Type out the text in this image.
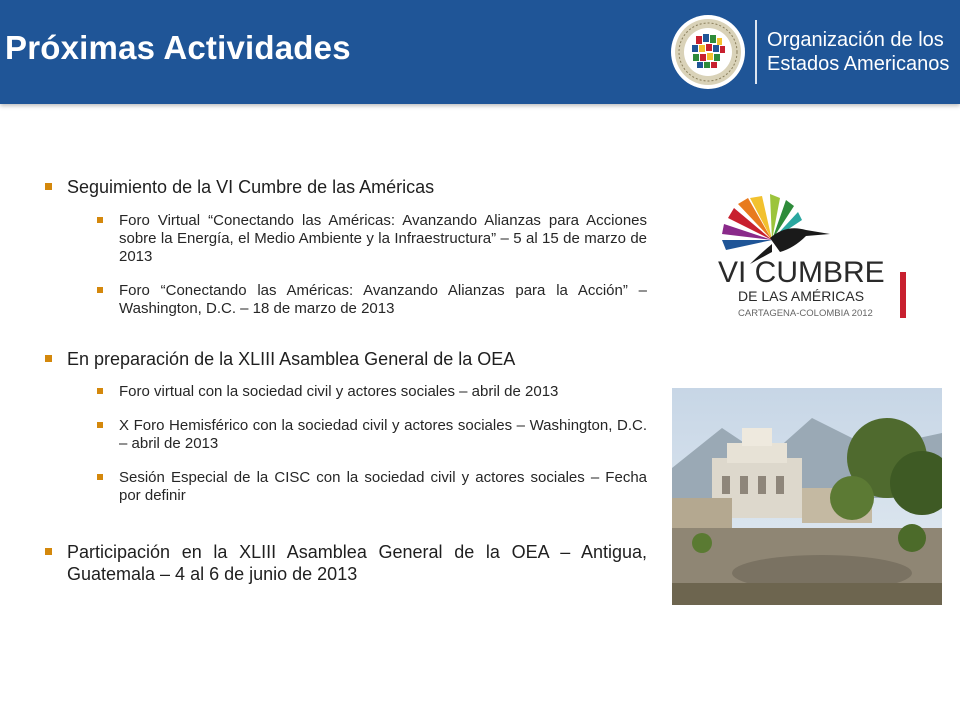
Próximas Actividades	Organización de los
Estados Americanos
Seguimiento de la VI Cumbre de las Américas
Foro Virtual “Conectando las Américas: Avanzando Alianzas para Acciones sobre la Energía, el Medio Ambiente y la Infraestructura” – 5 al 15 de marzo de 2013
Foro “Conectando las Américas: Avanzando Alianzas para la Acción” – Washington, D.C. – 18 de marzo de 2013
En preparación de la XLIII Asamblea General de la OEA
Foro virtual con la sociedad civil y actores sociales – abril de 2013
X Foro Hemisférico con la sociedad civil y actores sociales – Washington, D.C. – abril de 2013
Sesión Especial de la CISC con la sociedad civil y actores sociales – Fecha por definir
Participación en la XLIII Asamblea General de la OEA – Antigua, Guatemala – 4 al 6 de junio de 2013
VI CUMBRE
DE LAS AMÉRICAS
CARTAGENA-COLOMBIA 2012
